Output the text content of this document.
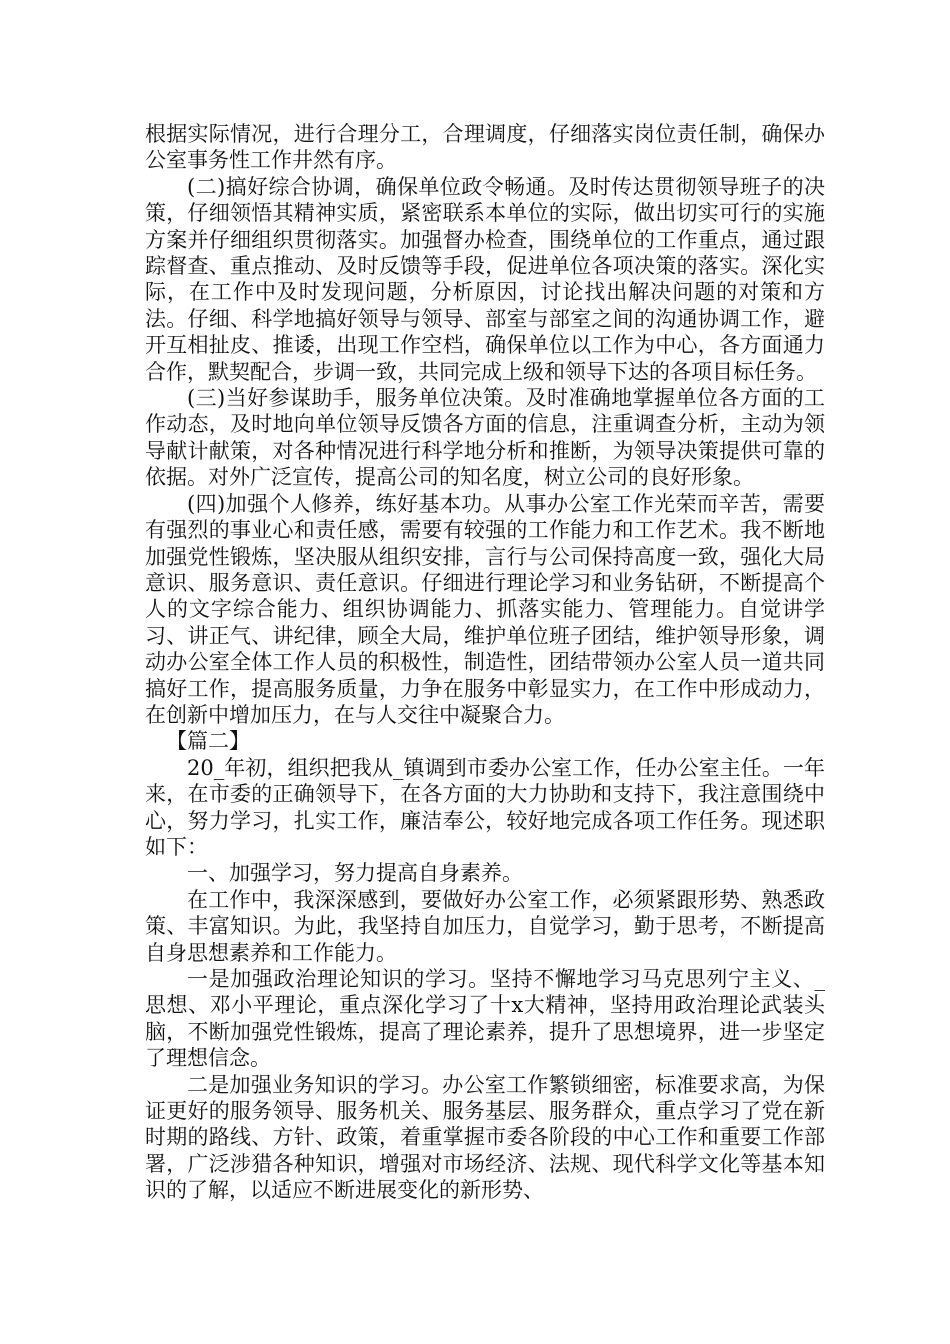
根据实际情况，进行合理分工，合理调度，仔细落实岗位责任制，确保办公室事务性工作井然有序。

(二)搞好综合协调，确保单位政令畅通。及时传达贯彻领导班子的决策，仔细领悟其精神实质，紧密联系本单位的实际，做出切实可行的实施方案并仔细组织贯彻落实。加强督办检查，围绕单位的工作重点，通过跟踪督查、重点推动、及时反馈等手段，促进单位各项决策的落实。深化实际，在工作中及时发现问题，分析原因，讨论找出解决问题的对策和方法。仔细、科学地搞好领导与领导、部室与部室之间的沟通协调工作，避开互相扯皮、推诿，出现工作空档，确保单位以工作为中心，各方面通力合作，默契配合，步调一致，共同完成上级和领导下达的各项目标任务。

(三)当好参谋助手，服务单位决策。及时准确地掌握单位各方面的工作动态，及时地向单位领导反馈各方面的信息，注重调查分析，主动为领导献计献策，对各种情况进行科学地分析和推断，为领导决策提供可靠的依据。对外广泛宣传，提高公司的知名度，树立公司的良好形象。

(四)加强个人修养，练好基本功。从事办公室工作光荣而辛苦，需要有强烈的事业心和责任感，需要有较强的工作能力和工作艺术。我不断地加强党性锻炼，坚决服从组织安排，言行与公司保持高度一致，强化大局意识、服务意识、责任意识。仔细进行理论学习和业务钻研，不断提高个人的文字综合能力、组织协调能力、抓落实能力、管理能力。自觉讲学习、讲正气、讲纪律，顾全大局，维护单位班子团结，维护领导形象，调动办公室全体工作人员的积极性，制造性，团结带领办公室人员一道共同搞好工作，提高服务质量，力争在服务中彰显实力，在工作中形成动力，在创新中增加压力，在与人交往中凝聚合力。

【篇二】

20_年初，组织把我从_镇调到市委办公室工作，任办公室主任。一年来，在市委的正确领导下，在各方面的大力协助和支持下，我注意围绕中心，努力学习，扎实工作，廉洁奉公，较好地完成各项工作任务。现述职如下：

一、加强学习，努力提高自身素养。

在工作中，我深深感到，要做好办公室工作，必须紧跟形势、熟悉政策、丰富知识。为此，我坚持自加压力，自觉学习，勤于思考，不断提高自身思想素养和工作能力。

一是加强政治理论知识的学习。坚持不懈地学习马克思列宁主义、_思想、邓小平理论，重点深化学习了十x大精神，坚持用政治理论武装头脑，不断加强党性锻炼，提高了理论素养，提升了思想境界，进一步坚定了理想信念。

二是加强业务知识的学习。办公室工作繁锁细密，标准要求高，为保证更好的服务领导、服务机关、服务基层、服务群众，重点学习了党在新时期的路线、方针、政策，着重掌握市委各阶段的中心工作和重要工作部署，广泛涉猎各种知识，增强对市场经济、法规、现代科学文化等基本知识的了解，以适应不断进展变化的新形势、
